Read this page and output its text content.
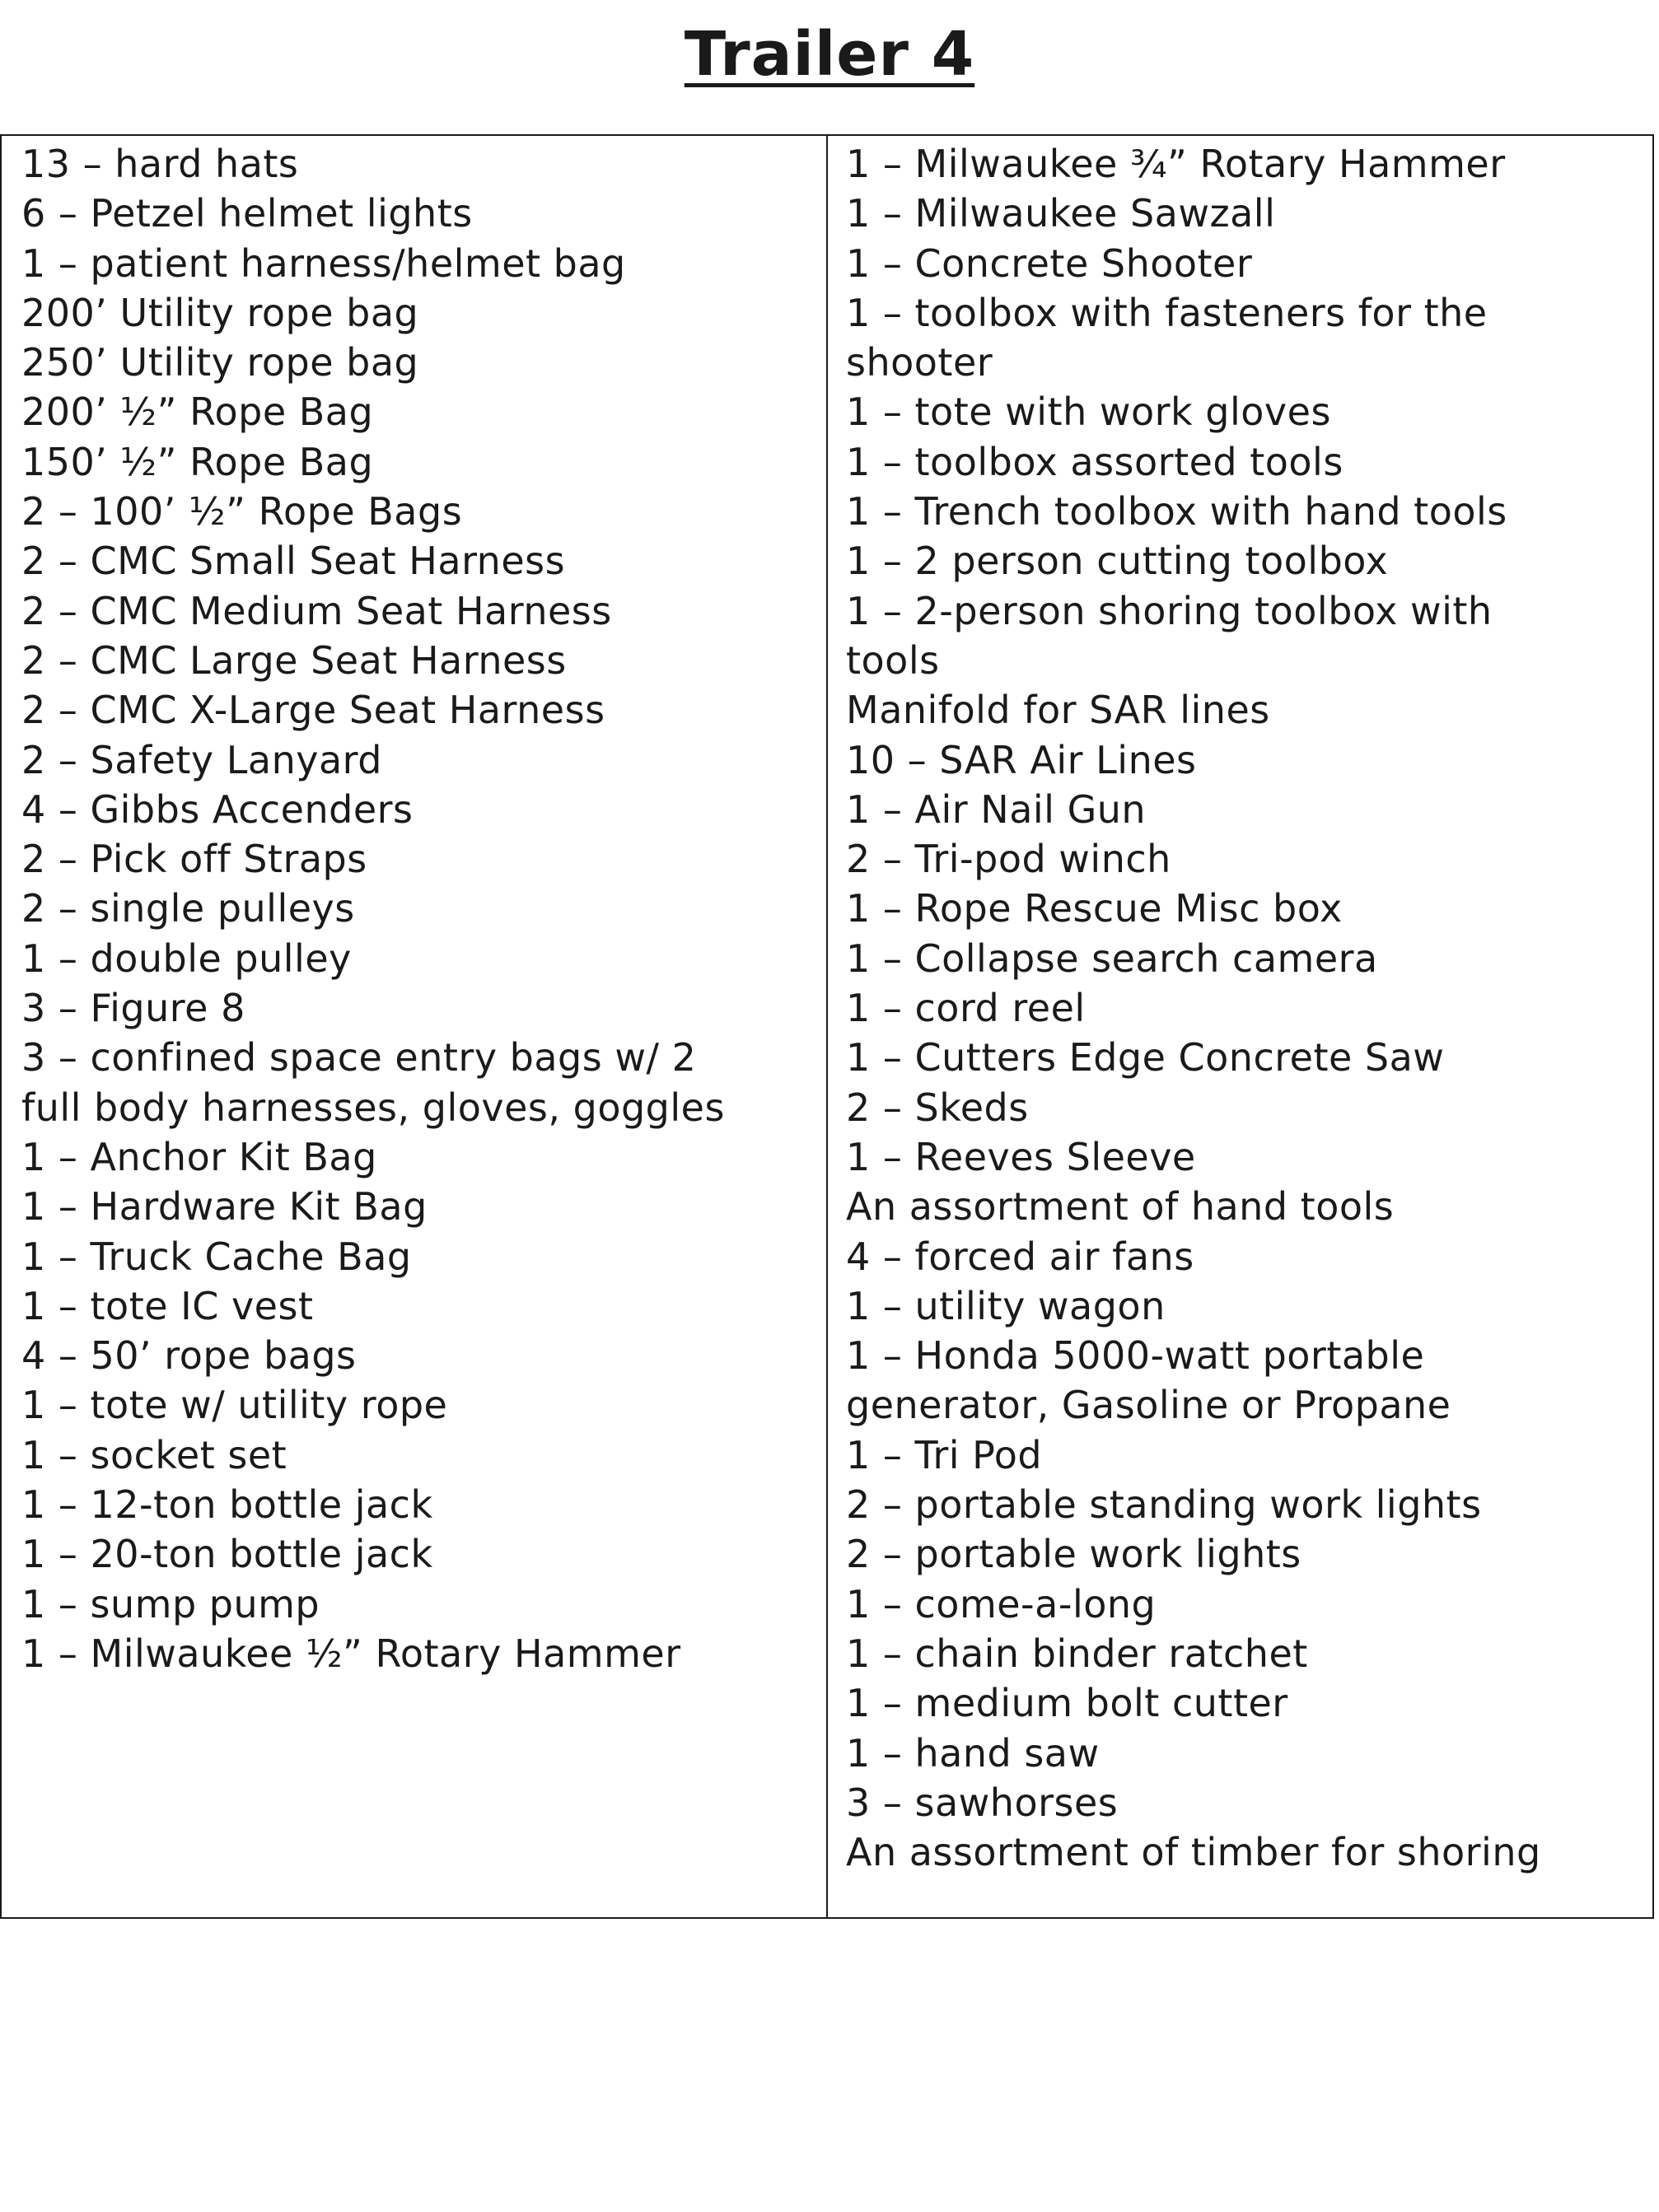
Trailer 4
13 – hard hats
6 – Petzel helmet lights
1 – patient harness/helmet bag
200’ Utility rope bag
250’ Utility rope bag
200’ ½” Rope Bag
150’ ½” Rope Bag
2 – 100’ ½” Rope Bags
2 – CMC Small Seat Harness
2 – CMC Medium Seat Harness
2 – CMC Large Seat Harness
2 – CMC X-Large Seat Harness
2 – Safety Lanyard
4 – Gibbs Accenders
2 – Pick off Straps
2 – single pulleys
1 – double pulley
3 – Figure 8
3 – confined space entry bags w/ 2
full body harnesses, gloves, goggles
1 – Anchor Kit Bag
1 – Hardware Kit Bag
1 – Truck Cache Bag
1 – tote IC vest
4 – 50’ rope bags
1 – tote w/ utility rope
1 – socket set
1 – 12-ton bottle jack
1 – 20-ton bottle jack
1 – sump pump
1 – Milwaukee ½” Rotary Hammer
1 – Milwaukee ¾” Rotary Hammer
1 – Milwaukee Sawzall
1 – Concrete Shooter
1 – toolbox with fasteners for the
shooter
1 – tote with work gloves
1 – toolbox assorted tools
1 – Trench toolbox with hand tools
1 – 2 person cutting toolbox
1 – 2-person shoring toolbox with
tools
Manifold for SAR lines
10 – SAR Air Lines
1 – Air Nail Gun
2 – Tri-pod winch
1 – Rope Rescue Misc box
1 – Collapse search camera
1 – cord reel
1 – Cutters Edge Concrete Saw
2 – Skeds
1 – Reeves Sleeve
An assortment of hand tools
4 – forced air fans
1 – utility wagon
1 – Honda 5000-watt portable
generator, Gasoline or Propane
1 – Tri Pod
2 – portable standing work lights
2 – portable work lights
1 – come-a-long
1 – chain binder ratchet
1 – medium bolt cutter
1 – hand saw
3 – sawhorses
An assortment of timber for shoring
